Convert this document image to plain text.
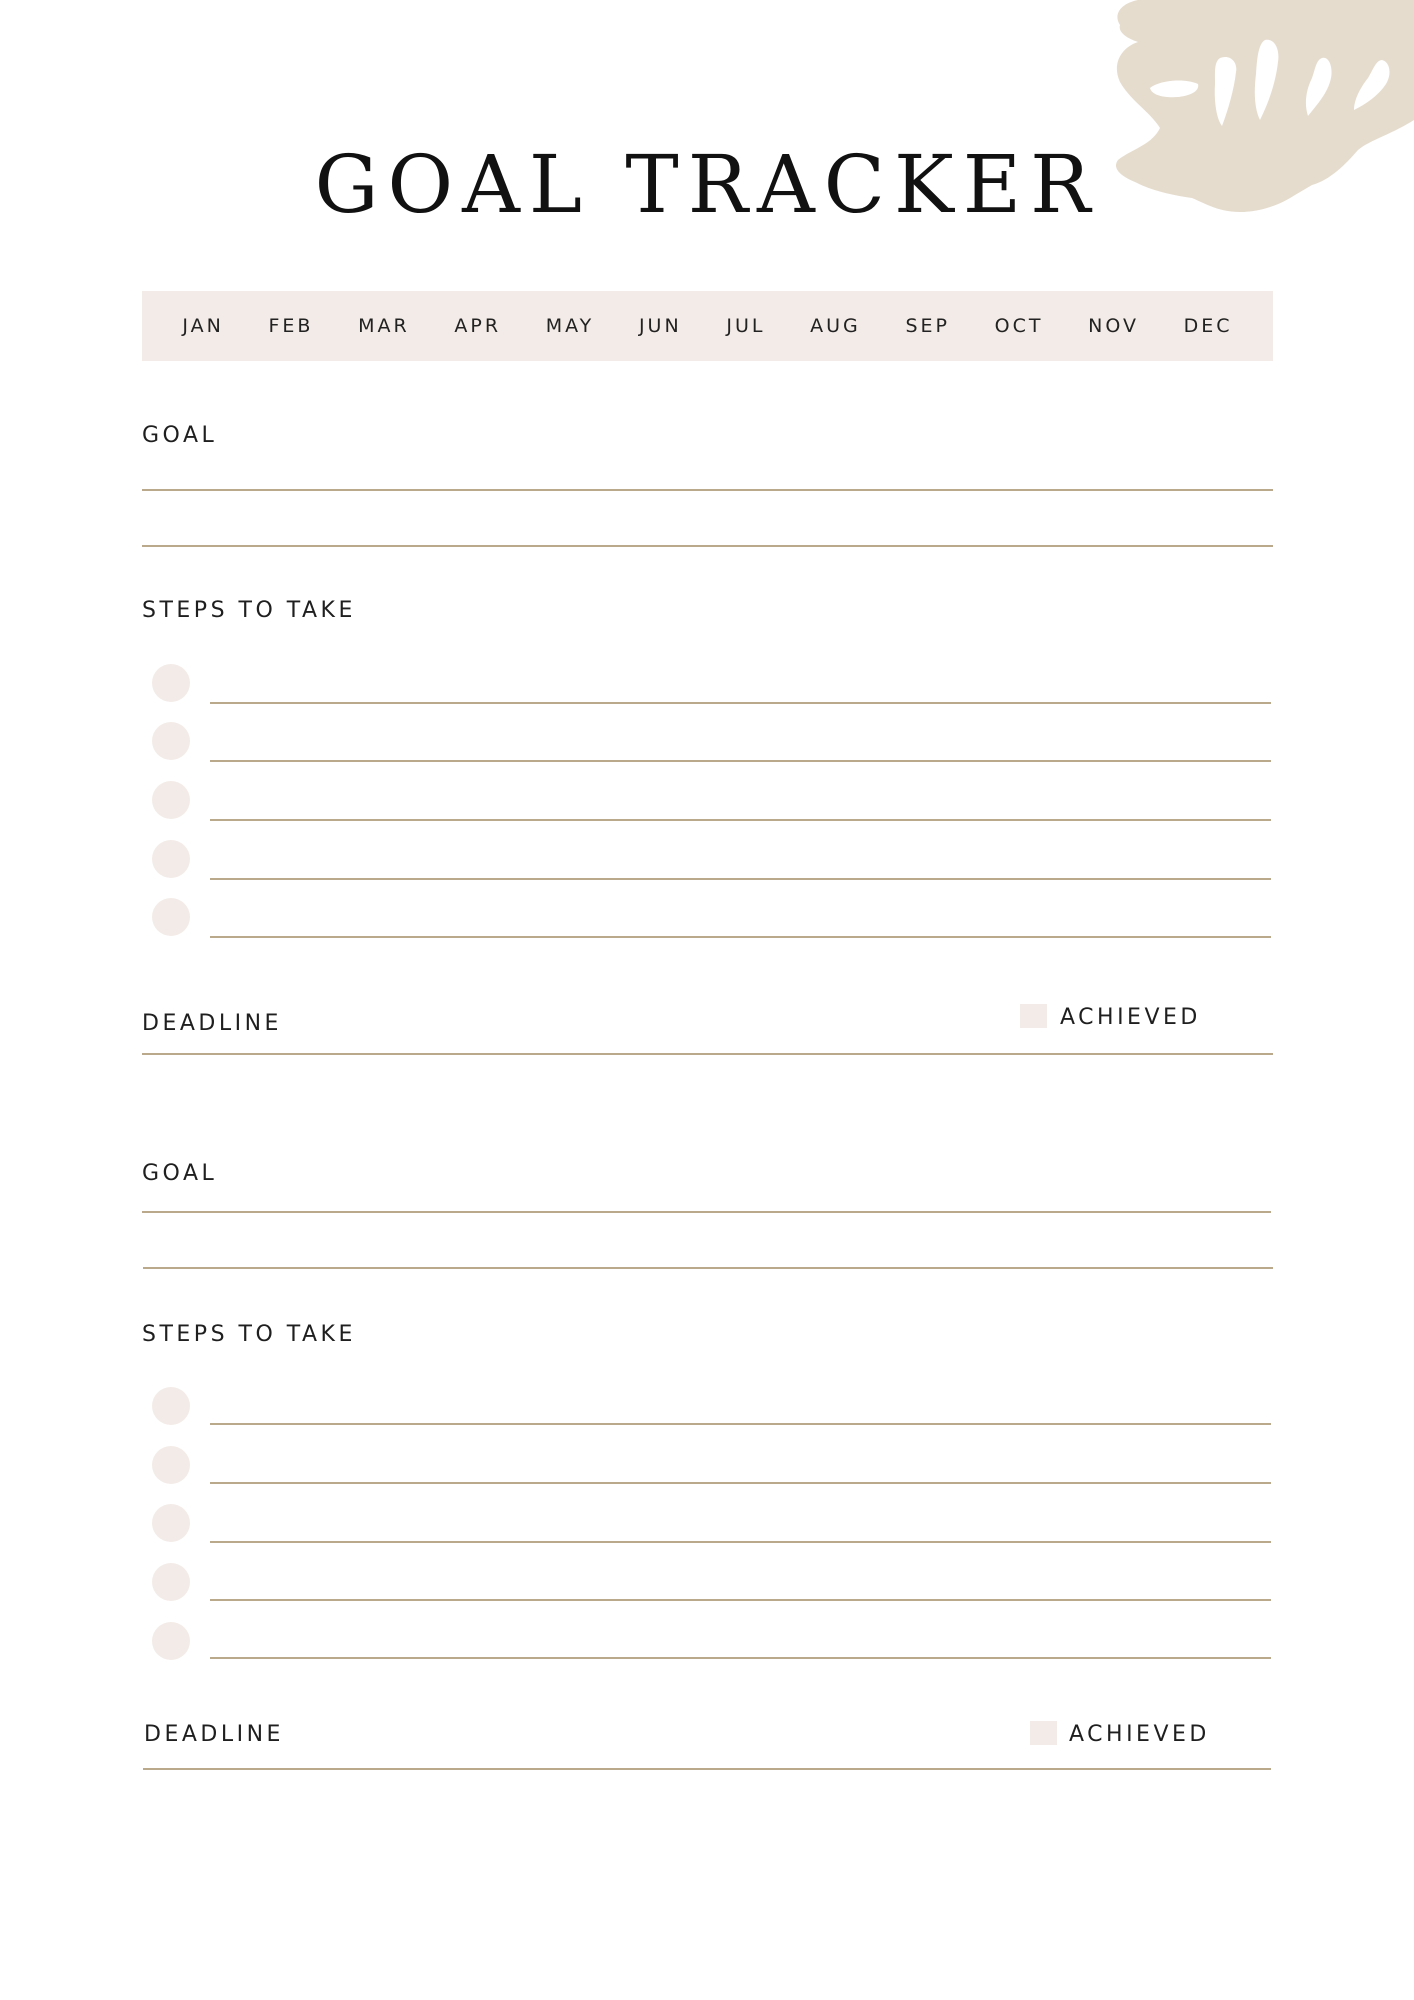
GOAL TRACKER
JAN FEB MAR APR MAY JUN JUL AUG SEP OCT NOV DEC
GOAL
STEPS TO TAKE
DEADLINE	ACHIEVED
GOAL
STEPS TO TAKE
DEADLINE	ACHIEVED
